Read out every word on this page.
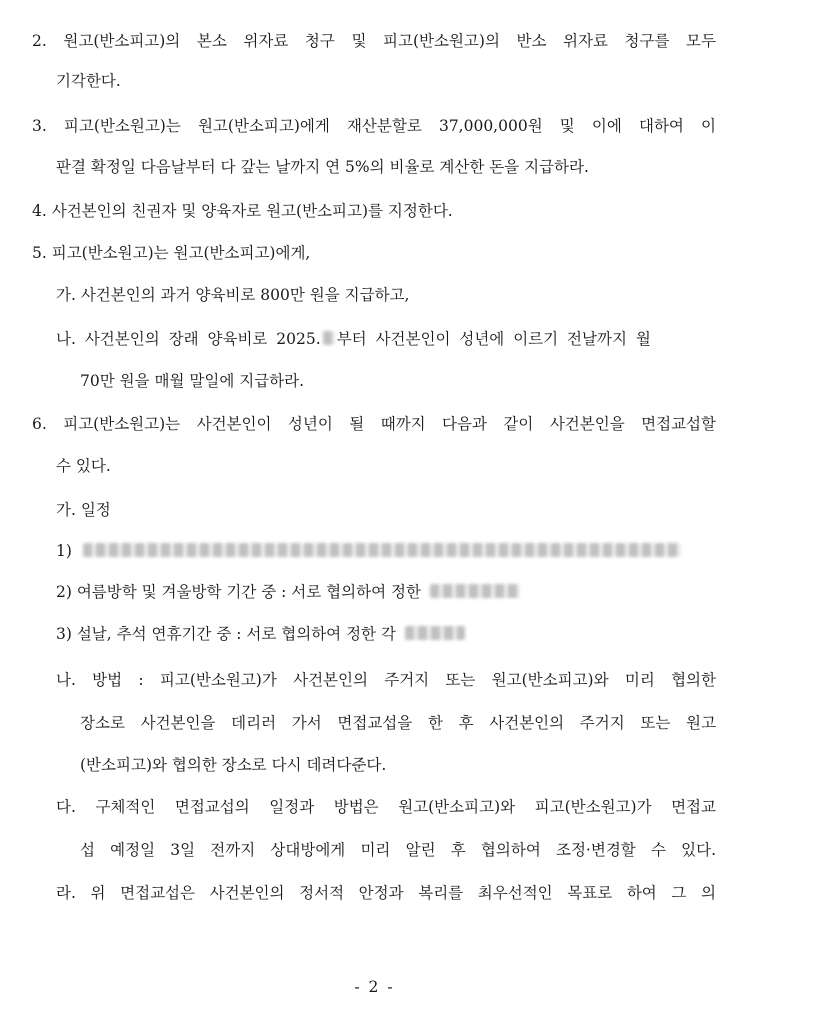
2. 원고(반소피고)의 본소 위자료 청구 및 피고(반소원고)의 반소 위자료 청구를 모두
기각한다.
3. 피고(반소원고)는 원고(반소피고)에게 재산분할로 37,000,000원 및 이에 대하여 이
판결 확정일 다음날부터 다 갚는 날까지 연 5%의 비율로 계산한 돈을 지급하라.
4. 사건본인의 친권자 및 양육자로 원고(반소피고)를 지정한다.
5. 피고(반소원고)는 원고(반소피고)에게,
가. 사건본인의 과거 양육비로 800만 원을 지급하고,
나. 사건본인의 장래 양육비로 2025. 부터 사건본인이 성년에 이르기 전날까지 월
70만 원을 매월 말일에 지급하라.
6. 피고(반소원고)는 사건본인이 성년이 될 때까지 다음과 같이 사건본인을 면접교섭할
수 있다.
가. 일정
1)
2) 여름방학 및 겨울방학 기간 중 : 서로 협의하여 정한
3) 설날, 추석 연휴기간 중 : 서로 협의하여 정한 각
나. 방법 : 피고(반소원고)가 사건본인의 주거지 또는 원고(반소피고)와 미리 협의한
장소로 사건본인을 데리러 가서 면접교섭을 한 후 사건본인의 주거지 또는 원고
(반소피고)와 협의한 장소로 다시 데려다준다.
다. 구체적인 면접교섭의 일정과 방법은 원고(반소피고)와 피고(반소원고)가 면접교
섭 예정일 3일 전까지 상대방에게 미리 알린 후 협의하여 조정·변경할 수 있다.
라. 위 면접교섭은 사건본인의 정서적 안정과 복리를 최우선적인 목표로 하여 그 의
- 2 -
